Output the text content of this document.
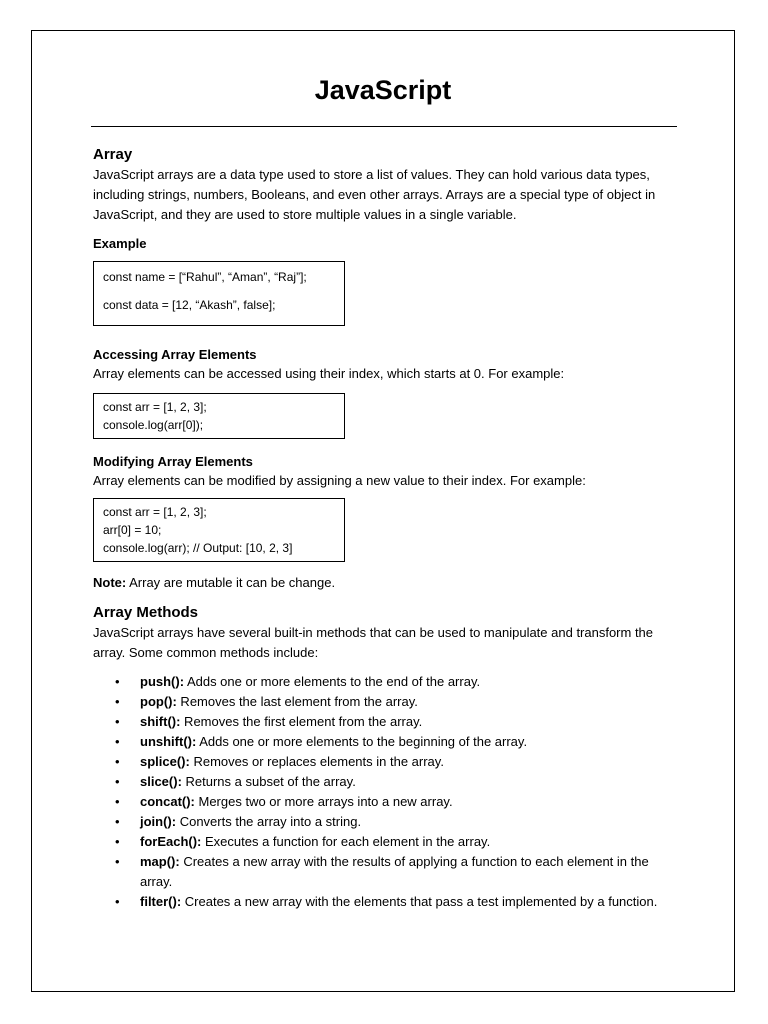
JavaScript
Array

JavaScript arrays are a data type used to store a list of values. They can hold various data types, including strings, numbers, Booleans, and even other arrays. Arrays are a special type of object in JavaScript, and they are used to store multiple values in a single variable.

Example
const name = [“Rahul”, “Aman”, “Raj”];
const data = [12, “Akash”, false];
Accessing Array Elements

Array elements can be accessed using their index, which starts at 0. For example:

const arr = [1, 2, 3];
console.log(arr[0]);
Modifying Array Elements

Array elements can be modified by assigning a new value to their index. For example:

const arr = [1, 2, 3];
arr[0] = 10;
console.log(arr); // Output: [10, 2, 3]

Note: Array are mutable it can be change.

Array Methods

JavaScript arrays have several built-in methods that can be used to manipulate and transform the array. Some common methods include:

• push(): Adds one or more elements to the end of the array.
• pop(): Removes the last element from the array.
• shift(): Removes the first element from the array.
• unshift(): Adds one or more elements to the beginning of the array.
• splice(): Removes or replaces elements in the array.
• slice(): Returns a subset of the array.
• concat(): Merges two or more arrays into a new array.
• join(): Converts the array into a string.
• forEach(): Executes a function for each element in the array.
• map(): Creates a new array with the results of applying a function to each element in the array.
• filter(): Creates a new array with the elements that pass a test implemented by a function.
